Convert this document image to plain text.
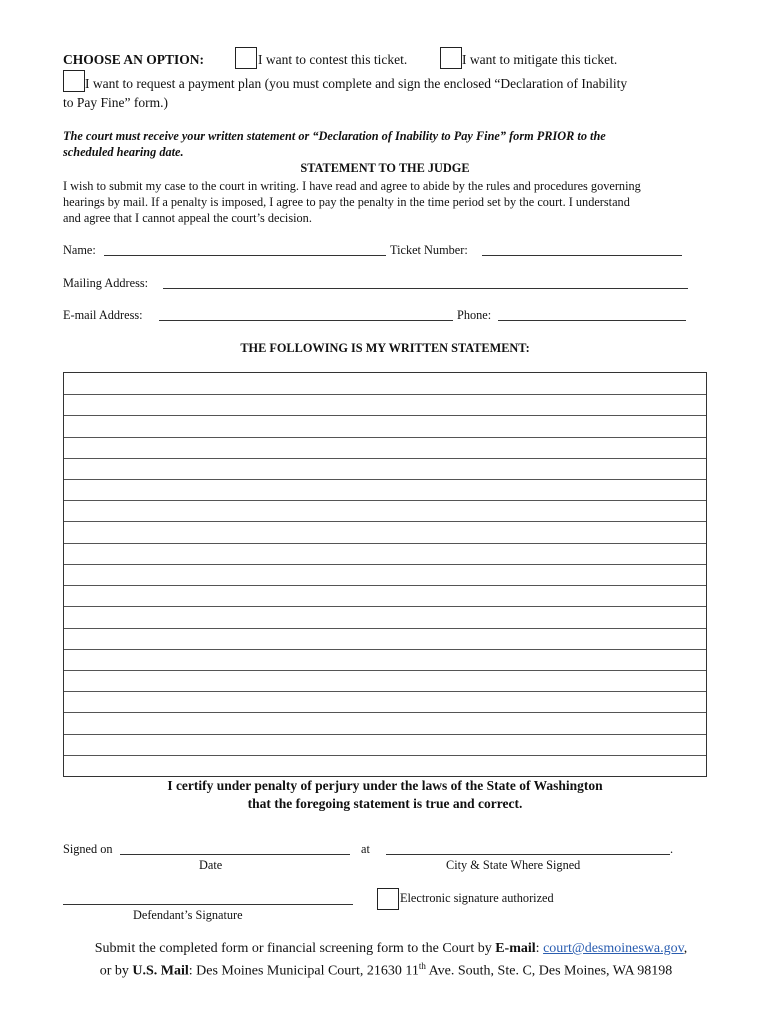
CHOOSE AN OPTION:	I want to contest this ticket.	I want to mitigate this ticket.
I want to request a payment plan (you must complete and sign the enclosed “Declaration of Inability
to Pay Fine” form.)
The court must receive your written statement or “Declaration of Inability to Pay Fine” form PRIOR to the
scheduled hearing date.
STATEMENT TO THE JUDGE
I wish to submit my case to the court in writing. I have read and agree to abide by the rules and procedures governing
hearings by mail. If a penalty is imposed, I agree to pay the penalty in the time period set by the court. I understand
and agree that I cannot appeal the court’s decision.
Name:	Ticket Number:
Mailing Address:
E-mail Address:	Phone:
THE FOLLOWING IS MY WRITTEN STATEMENT:
I certify under penalty of perjury under the laws of the State of Washington
that the foregoing statement is true and correct.
Signed on	at	.
Date	City & State Where Signed
Electronic signature authorized
Defendant’s Signature
Submit the completed form or financial screening form to the Court by E-mail: court@desmoineswa.gov,
or by U.S. Mail: Des Moines Municipal Court, 21630 11th Ave. South, Ste. C, Des Moines, WA 98198
